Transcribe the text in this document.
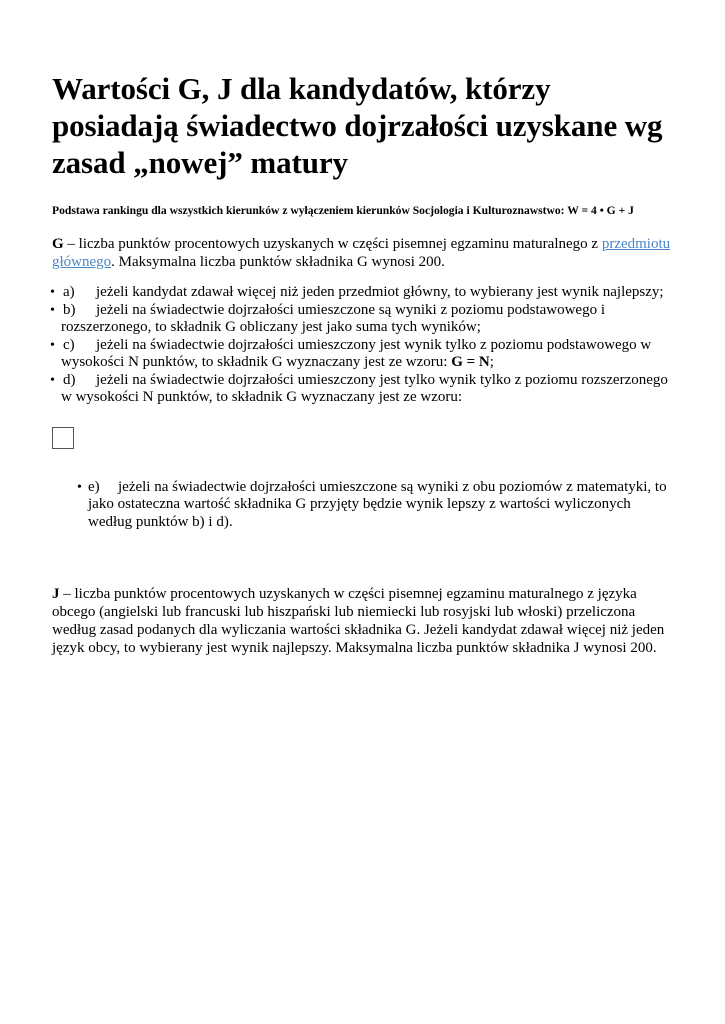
Wartości G, J dla kandydatów, którzy posiadają świadectwo dojrzałości uzyskane wg zasad „nowej” matury
Podstawa rankingu dla wszystkich kierunków z wyłączeniem kierunków Socjologia i Kulturoznawstwo: W = 4 • G + J
G – liczba punktów procentowych uzyskanych w części pisemnej egzaminu maturalnego z przedmiotu głównego. Maksymalna liczba punktów składnika G wynosi 200.
• a) jeżeli kandydat zdawał więcej niż jeden przedmiot główny, to wybierany jest wynik najlepszy;
• b) jeżeli na świadectwie dojrzałości umieszczone są wyniki z poziomu podstawowego i rozszerzonego, to składnik G obliczany jest jako suma tych wyników;
• c) jeżeli na świadectwie dojrzałości umieszczony jest wynik tylko z poziomu podstawowego w wysokości N punktów, to składnik G wyznaczany jest ze wzoru: G = N;
• d) jeżeli na świadectwie dojrzałości umieszczony jest tylko wynik tylko z poziomu rozszerzonego w wysokości N punktów, to składnik G wyznaczany jest ze wzoru:
• e) jeżeli na świadectwie dojrzałości umieszczone są wyniki z obu poziomów z matematyki, to jako ostateczna wartość składnika G przyjęty będzie wynik lepszy z wartości wyliczonych według punktów b) i d).
J – liczba punktów procentowych uzyskanych w części pisemnej egzaminu maturalnego z języka obcego (angielski lub francuski lub hiszpański lub niemiecki lub rosyjski lub włoski) przeliczona według zasad podanych dla wyliczania wartości składnika G. Jeżeli kandydat zdawał więcej niż jeden język obcy, to wybierany jest wynik najlepszy. Maksymalna liczba punktów składnika J wynosi 200.
